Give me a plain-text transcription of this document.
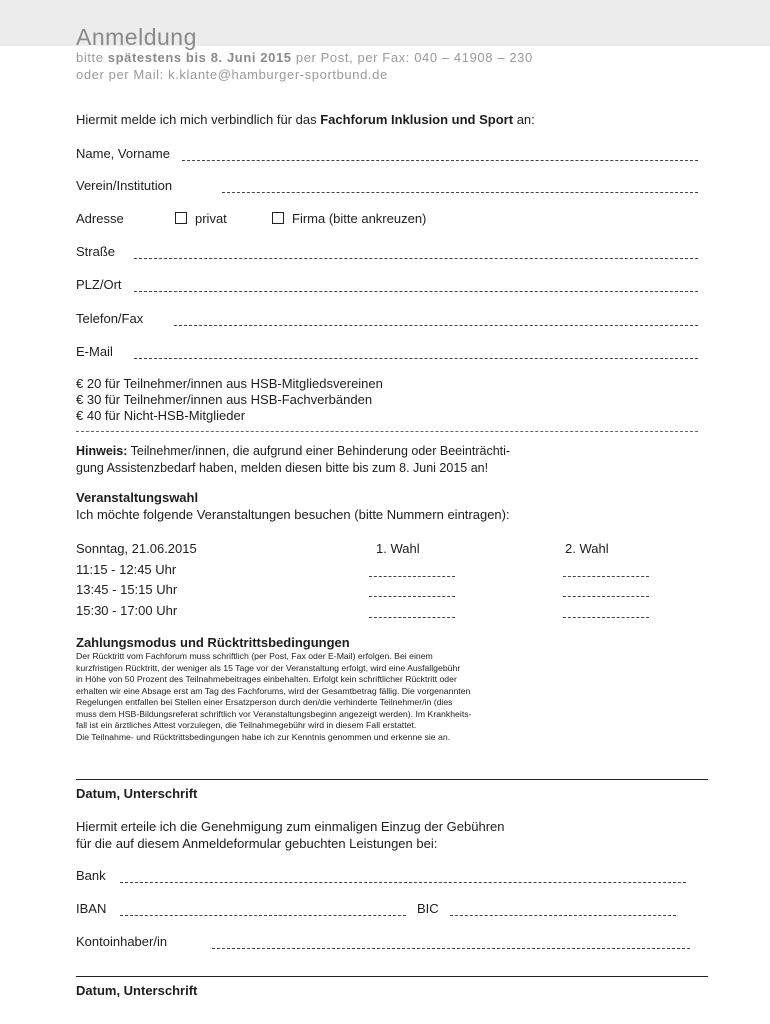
Anmeldung
bitte spätestens bis 8. Juni 2015 per Post, per Fax: 040 – 41908 – 230
oder per Mail: k.klante@hamburger-sportbund.de
Hiermit melde ich mich verbindlich für das Fachforum Inklusion und Sport an:
Name, Vorname
Verein/Institution
Adresse	privat	Firma (bitte ankreuzen)
Straße
PLZ/Ort
Telefon/Fax
E-Mail
€ 20 für Teilnehmer/innen aus HSB-Mitgliedsvereinen
€ 30 für Teilnehmer/innen aus HSB-Fachverbänden
€ 40 für Nicht-HSB-Mitglieder
Hinweis: Teilnehmer/innen, die aufgrund einer Behinderung oder Beeinträchti-
gung Assistenzbedarf haben, melden diesen bitte bis zum 8. Juni 2015 an!
Veranstaltungswahl
Ich möchte folgende Veranstaltungen besuchen (bitte Nummern eintragen):
Sonntag, 21.06.2015	1. Wahl	2. Wahl
11:15 - 12:45 Uhr
13:45 - 15:15 Uhr
15:30 - 17:00 Uhr
Zahlungsmodus und Rücktrittsbedingungen
Der Rücktritt vom Fachforum muss schriftlich (per Post, Fax oder E-Mail) erfolgen. Bei einem
kurzfristigen Rücktritt, der weniger als 15 Tage vor der Veranstaltung erfolgt, wird eine Ausfallgebühr
in Höhe von 50 Prozent des Teilnahmebeitrages einbehalten. Erfolgt kein schriftlicher Rücktritt oder
erhalten wir eine Absage erst am Tag des Fachforums, wird der Gesamtbetrag fällig. Die vorgenannten
Regelungen entfallen bei Stellen einer Ersatzperson durch den/die verhinderte Teilnehmer/in (dies
muss dem HSB-Bildungsreferat schriftlich vor Veranstaltungsbeginn angezeigt werden). Im Krankheits-
fall ist ein ärztliches Attest vorzulegen, die Teilnahmegebühr wird in diesem Fall erstattet.
Die Teilnahme- und Rücktrittsbedingungen habe ich zur Kenntnis genommen und erkenne sie an.
Datum, Unterschrift
Hiermit erteile ich die Genehmigung zum einmaligen Einzug der Gebühren
für die auf diesem Anmeldeformular gebuchten Leistungen bei:
Bank
IBAN	BIC
Kontoinhaber/in
Datum, Unterschrift
